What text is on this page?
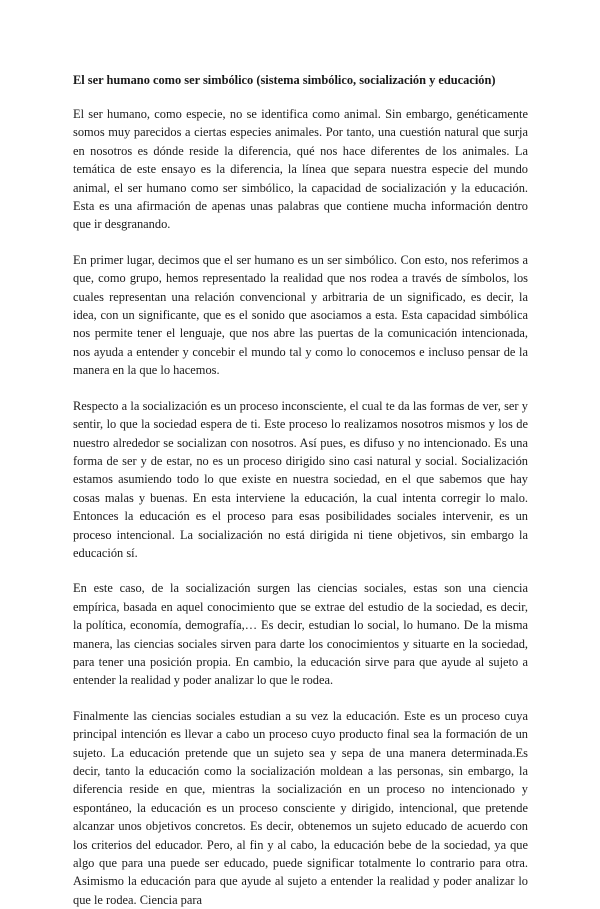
El ser humano como ser simbólico (sistema simbólico, socialización y educación)

El ser humano, como especie, no se identifica como animal. Sin embargo, genéticamente somos muy parecidos a ciertas especies animales. Por tanto, una cuestión natural que surja en nosotros es dónde reside la diferencia, qué nos hace diferentes de los animales. La temática de este ensayo es la diferencia, la línea que separa nuestra especie del mundo animal, el ser humano como ser simbólico, la capacidad de socialización y la educación. Esta es una afirmación de apenas unas palabras que contiene mucha información dentro que ir desgranando.

En primer lugar, decimos que el ser humano es un ser simbólico. Con esto, nos referimos a que, como grupo, hemos representado la realidad que nos rodea a través de símbolos, los cuales representan una relación convencional y arbitraria de un significado, es decir, la idea, con un significante, que es el sonido que asociamos a esta. Esta capacidad simbólica nos permite tener el lenguaje, que nos abre las puertas de la comunicación intencionada, nos ayuda a entender y concebir el mundo tal y como lo conocemos e incluso pensar de la manera en la que lo hacemos.

Respecto a la socialización es un proceso inconsciente, el cual te da las formas de ver, ser y sentir, lo que la sociedad espera de ti. Este proceso lo realizamos nosotros mismos y los de nuestro alrededor se socializan con nosotros. Así pues, es difuso y no intencionado. Es una forma de ser y de estar, no es un proceso dirigido sino casi natural y social. Socialización estamos asumiendo todo lo que existe en nuestra sociedad, en el que sabemos que hay cosas malas y buenas. En esta interviene la educación, la cual intenta corregir lo malo. Entonces la educación es el proceso para esas posibilidades sociales intervenir, es un proceso intencional. La socialización no está dirigida ni tiene objetivos, sin embargo la educación sí.

En este caso, de la socialización surgen las ciencias sociales, estas son una ciencia empírica, basada en aquel conocimiento que se extrae del estudio de la sociedad, es decir, la política, economía, demografía,… Es decir, estudian lo social, lo humano. De la misma manera, las ciencias sociales sirven para darte los conocimientos y situarte en la sociedad, para tener una posición propia. En cambio, la educación sirve para que ayude al sujeto a entender la realidad y poder analizar lo que le rodea.

Finalmente las ciencias sociales estudian a su vez la educación. Este es un proceso cuya principal intención es llevar a cabo un proceso cuyo producto final sea la formación de un sujeto. La educación pretende que un sujeto sea y sepa de una manera determinada.Es decir, tanto la educación como la socialización moldean a las personas, sin embargo, la diferencia reside en que, mientras la socialización en un proceso no intencionado y espontáneo, la educación es un proceso consciente y dirigido, intencional, que pretende alcanzar unos objetivos concretos. Es decir, obtenemos un sujeto educado de acuerdo con los criterios del educador. Pero, al fin y al cabo, la educación bebe de la sociedad, ya que algo que para una puede ser educado, puede significar totalmente lo contrario para otra. Asimismo la educación para que ayude al sujeto a entender la realidad y poder analizar lo que le rodea. Ciencia para
